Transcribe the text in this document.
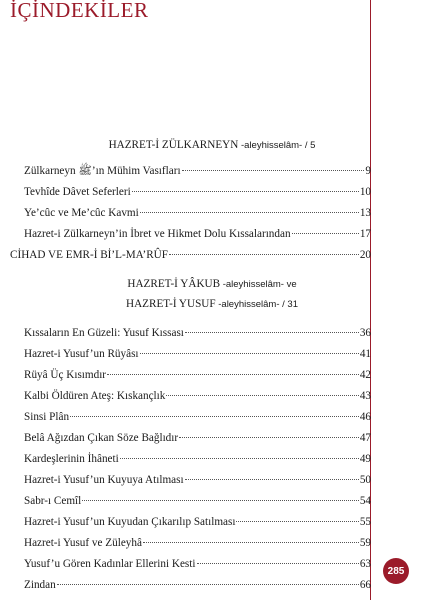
İÇİNDEKİLER
HAZRET-İ ZÜLKARNEYN -aleyhisselâm- / 5
Zülkarneyn ﷺ’ın Mühim Vasıfları	9
Tevhîde Dâvet Seferleri	10
Ye’cûc ve Me’cûc Kavmi	13
Hazret-i Zülkarneyn’in İbret ve Hikmet Dolu Kıssalarından	17
CİHAD VE EMR-İ Bİ’L-MA’RÛF	20
HAZRET-İ YÂKUB -aleyhisselâm- ve
HAZRET-İ YUSUF -aleyhisselâm- / 31
Kıssaların En Güzeli: Yusuf Kıssası	36
Hazret-i Yusuf’un Rüyâsı	41
Rüyâ Üç Kısımdır	42
Kalbi Öldüren Ateş: Kıskançlık	43
Sinsi Plân	46
Belâ Ağızdan Çıkan Söze Bağlıdır	47
Kardeşlerinin İhâneti	49
Hazret-i Yusuf’un Kuyuya Atılması	50
Sabr-ı Cemîl	54
Hazret-i Yusuf’un Kuyudan Çıkarılıp Satılması	55
Hazret-i Yusuf ve Züleyhâ	59
Yusuf’u Gören Kadınlar Ellerini Kesti	63
Zindan	66
285
